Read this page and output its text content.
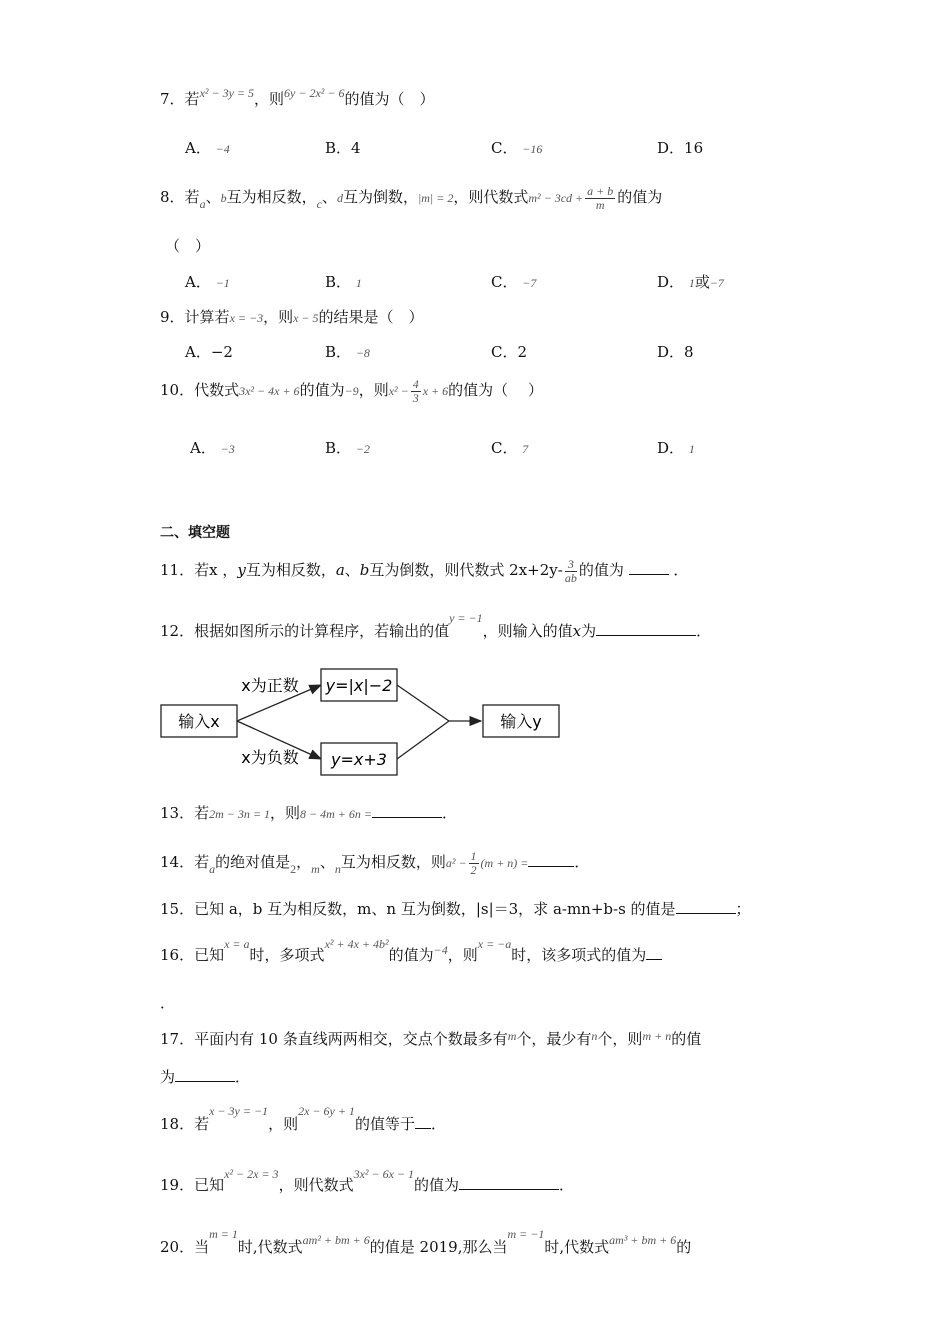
7．若$^{x^2 - 3y = 5}$，则$^{6y - 2x^2 - 6}$的值为（　）
A． −4	B．4	C． −16	D．16
8．若$_a$、b互为相反数，$_c$、d互为倒数，|m| = 2，则代数式$m^2 - 3cd + \frac{a + b}{m}$ 的值为
（　）
A． −1	B． 1	C． −7	D． 1或−7
9．计算若x = −3，则x − 5的结果是（　）
A．−2	B． −8	C．2	D．8
10．代数式3x² − 4x + 6的值为−9，则$x^2 - \frac{4}{3}$ x + 6的值为（　 ）
A． −3	B． −2	C． 7	D． 1
二、填空题
11．若x ，y互为相反数，a、b互为倒数，则代数式 $2x+2y- \frac{3}{ab}$ 的值为	．
12．根据如图所示的计算程序，若输出的值$^{y = -1}$，则输入的值x为	．
输入x
x为正数
x为负数
y=|x|−2
y=x+3
输入y
13．若2m − 3n = 1，则8 − 4m + 6n =	．
14．若$_a$的绝对值是$_2$，$_m$、$_n$互为相反数，则$a^2 - \frac{1}{2} (m + n)$ =	．
15．已知 a，b 互为相反数，m、n 互为倒数，|s|＝3，求 a-mn+b-s 的值是	；
16．已知$^{x = a}$时，多项式$^{x^2 + 4x + 4b^2}$的值为$^{-4}$，则$^{x = -a}$时，该多项式的值为
．
17．平面内有 10 条直线两两相交，交点个数最多有$^m$个，最少有$^n$个，则$^{m + n}$的值
为	．
18．若$^{x - 3y = -1}$，则$^{2x - 6y + 1}$的值等于 ．
19．已知$^{x^2 - 2x = 3}$，则代数式$^{3x^2 - 6x - 1}$的值为	．
20．当$^{m = 1}$时,代数式$^{am^2 + bm + 6}$的值是 2019,那么当$^{m = -1}$时,代数式$^{am^3 + bm + 6}$的
